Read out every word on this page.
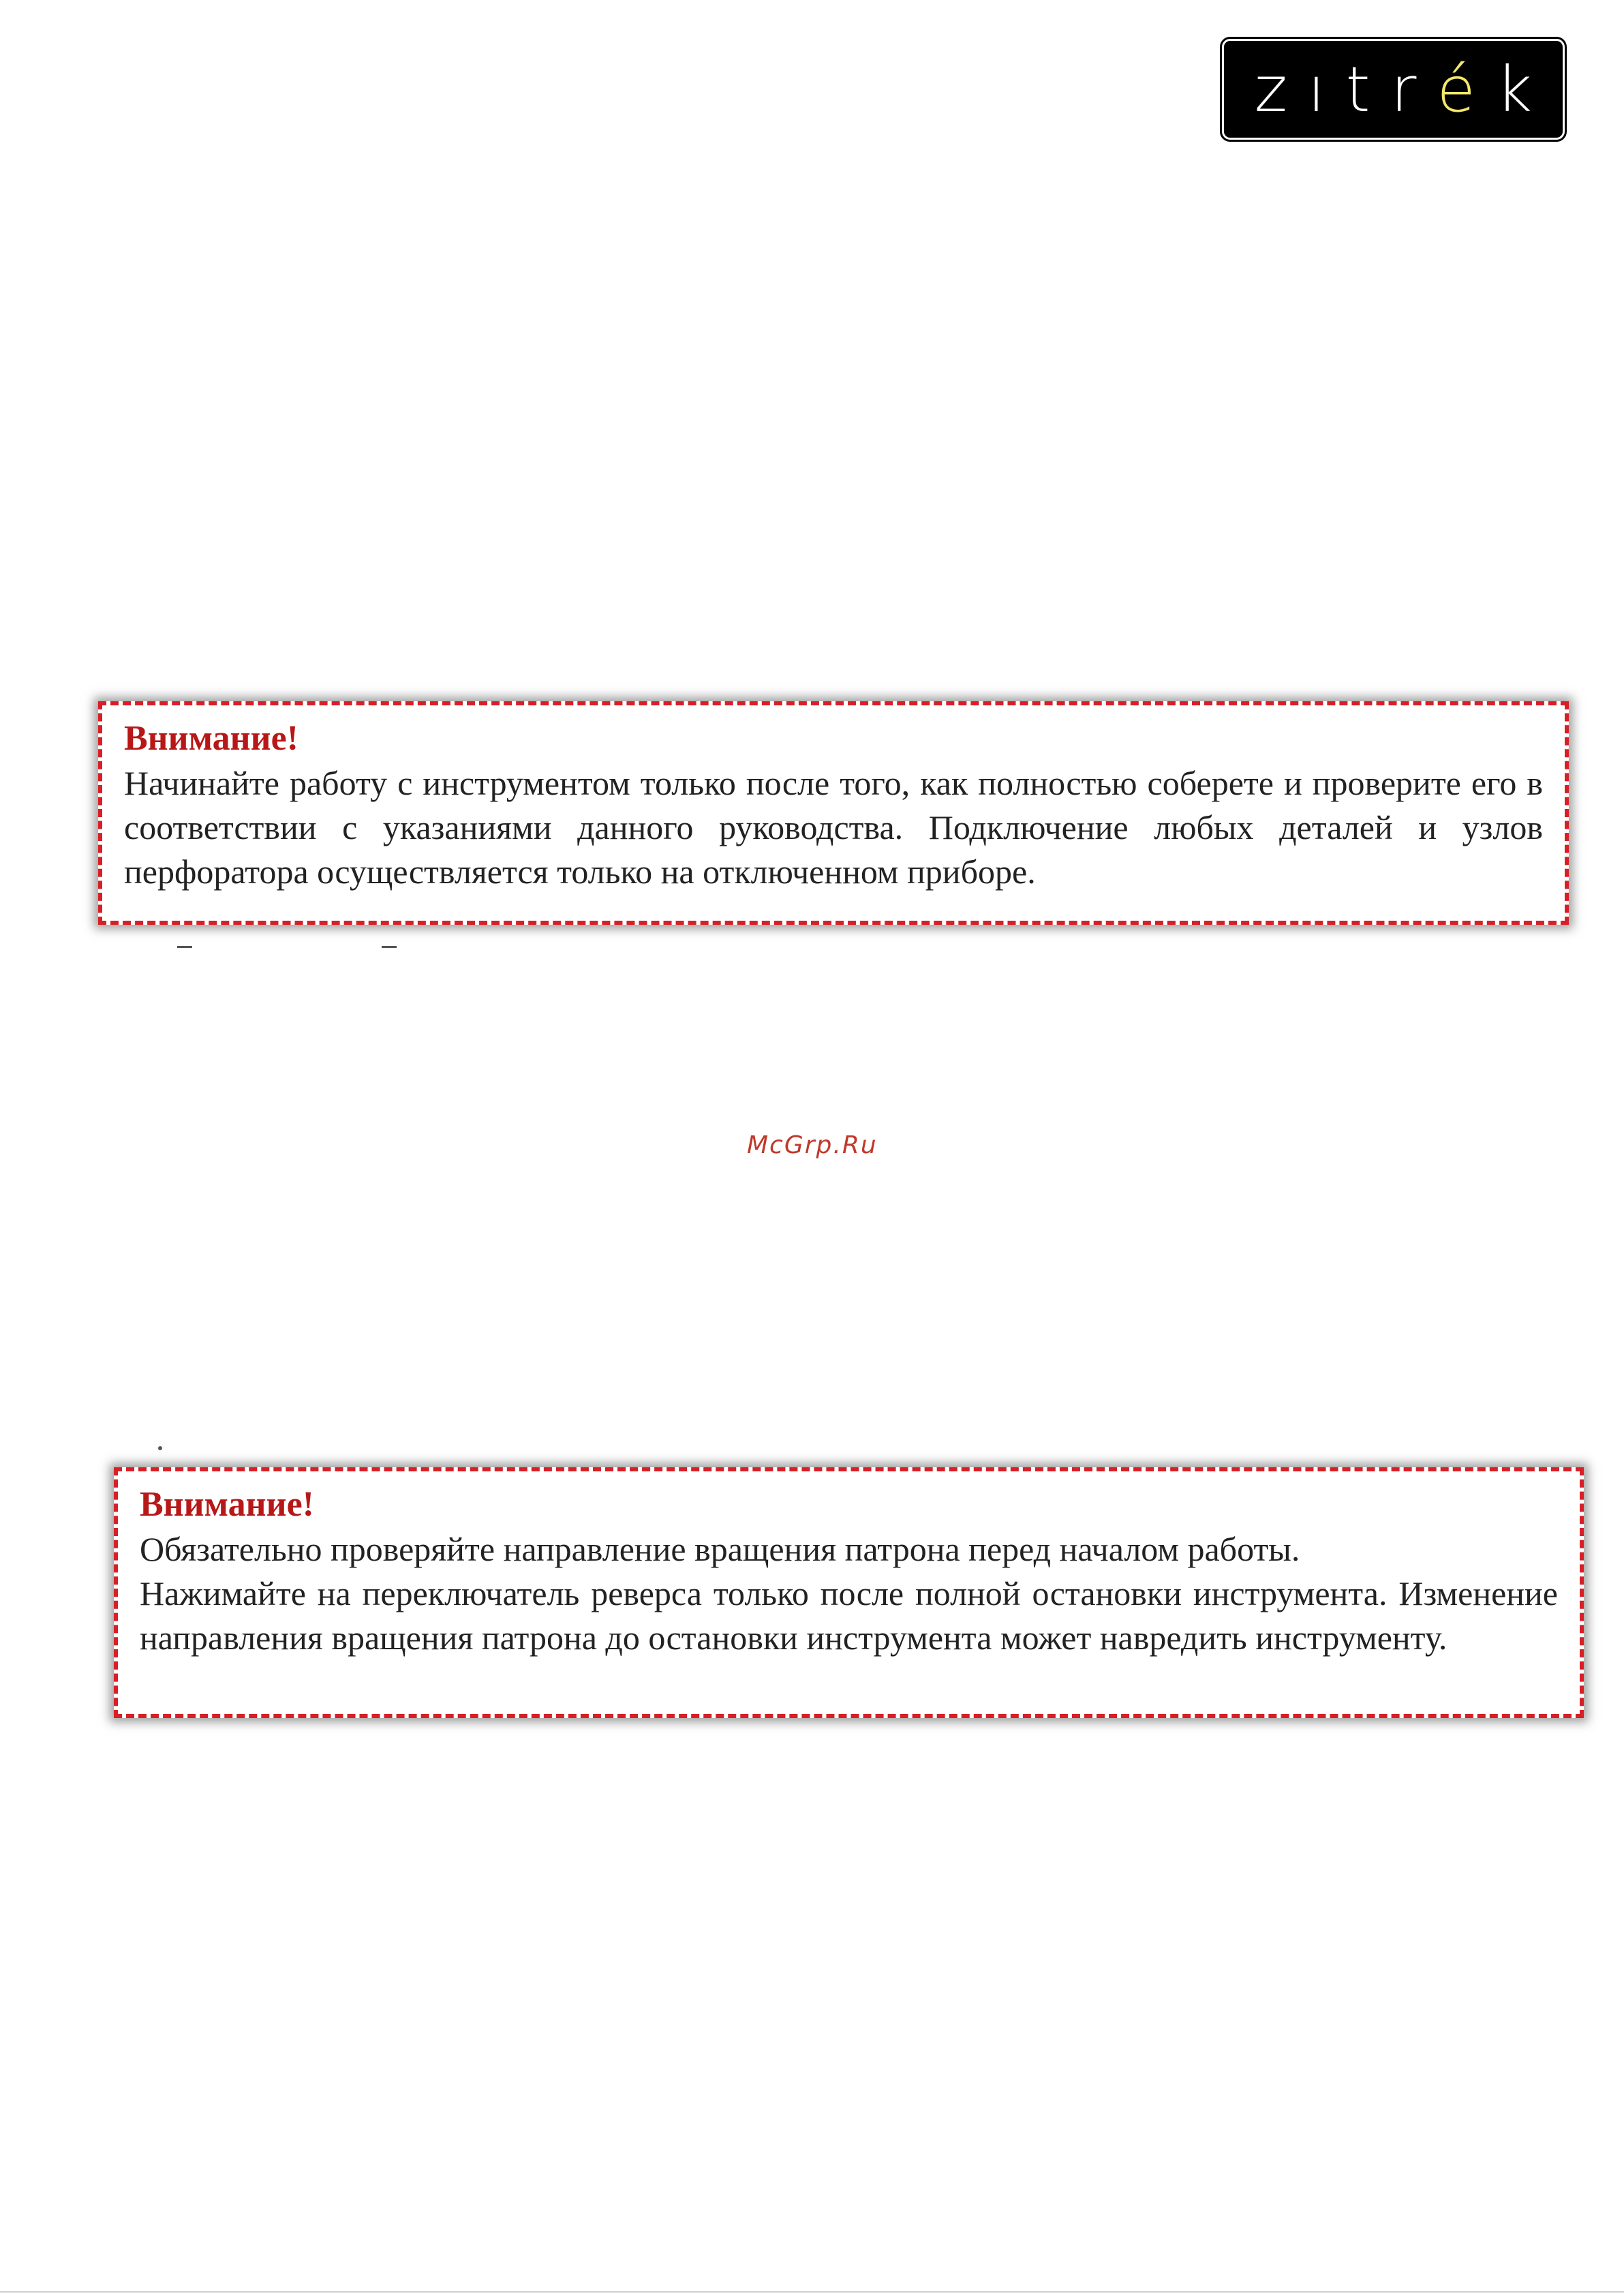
zıtr é k
Внимание!

Начинайте работу с инструментом только после того, как полностью соберете и проверите его в соответствии с указаниями данного руководства. Подключение любых деталей и узлов перфоратора осуществляется только на отключенном приборе.

McGrp.Ru
Внимание!

Обязательно проверяйте направление вращения патрона перед началом работы.

Нажимайте на переключатель реверса только после полной остановки инструмента. Изменение направления вращения патрона до остановки инструмента может навредить инструменту.
